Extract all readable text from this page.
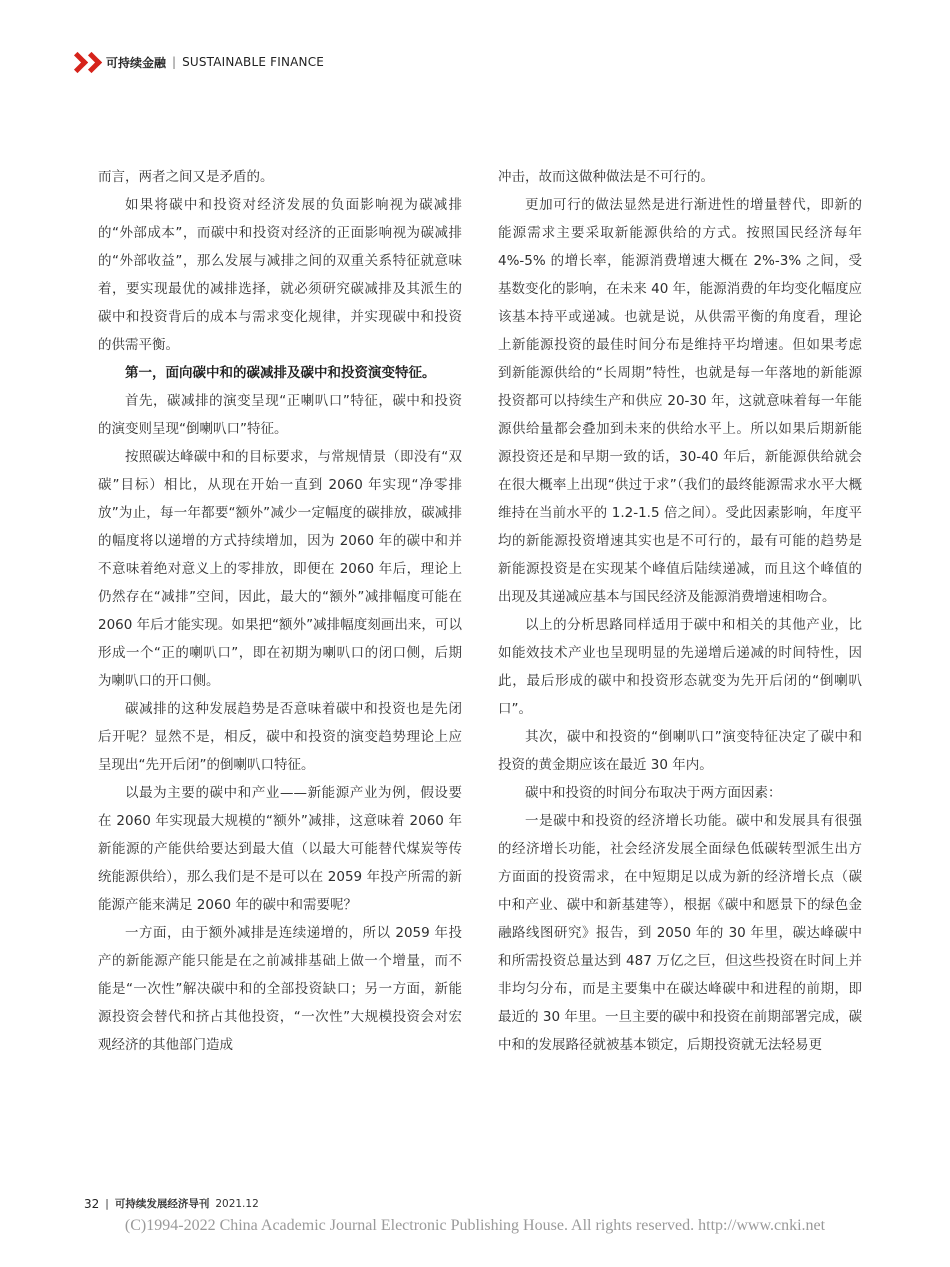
可持续金融 | SUSTAINABLE FINANCE

而言，两者之间又是矛盾的。

如果将碳中和投资对经济发展的负面影响视为碳减排的“外部成本”，而碳中和投资对经济的正面影响视为碳减排的“外部收益”，那么发展与减排之间的双重关系特征就意味着，要实现最优的减排选择，就必须研究碳减排及其派生的碳中和投资背后的成本与需求变化规律，并实现碳中和投资的供需平衡。

第一，面向碳中和的碳减排及碳中和投资演变特征。

首先，碳减排的演变呈现“正喇叭口”特征，碳中和投资的演变则呈现“倒喇叭口”特征。

按照碳达峰碳中和的目标要求，与常规情景（即没有“双碳”目标）相比，从现在开始一直到 2060 年实现“净零排放”为止，每一年都要“额外”减少一定幅度的碳排放，碳减排的幅度将以递增的方式持续增加，因为 2060 年的碳中和并不意味着绝对意义上的零排放，即便在 2060 年后，理论上仍然存在“减排”空间，因此，最大的“额外”减排幅度可能在 2060 年后才能实现。如果把“额外”减排幅度刻画出来，可以形成一个“正的喇叭口”，即在初期为喇叭口的闭口侧，后期为喇叭口的开口侧。

碳减排的这种发展趋势是否意味着碳中和投资也是先闭后开呢？显然不是，相反，碳中和投资的演变趋势理论上应呈现出“先开后闭”的倒喇叭口特征。

以最为主要的碳中和产业——新能源产业为例，假设要在 2060 年实现最大规模的“额外”减排，这意味着 2060 年新能源的产能供给要达到最大值（以最大可能替代煤炭等传统能源供给），那么我们是不是可以在 2059 年投产所需的新能源产能来满足 2060 年的碳中和需要呢？

一方面，由于额外减排是连续递增的，所以 2059 年投产的新能源产能只能是在之前减排基础上做一个增量，而不能是“一次性”解决碳中和的全部投资缺口；另一方面，新能源投资会替代和挤占其他投资，“一次性”大规模投资会对宏观经济的其他部门造成

冲击，故而这做种做法是不可行的。

更加可行的做法显然是进行渐进性的增量替代，即新的能源需求主要采取新能源供给的方式。按照国民经济每年 4%-5% 的增长率，能源消费增速大概在 2%-3% 之间，受基数变化的影响，在未来 40 年，能源消费的年均变化幅度应该基本持平或递减。也就是说，从供需平衡的角度看，理论上新能源投资的最佳时间分布是维持平均增速。但如果考虑到新能源供给的“长周期”特性，也就是每一年落地的新能源投资都可以持续生产和供应 20-30 年，这就意味着每一年能源供给量都会叠加到未来的供给水平上。所以如果后期新能源投资还是和早期一致的话，30-40 年后，新能源供给就会在很大概率上出现“供过于求”（我们的最终能源需求水平大概维持在当前水平的 1.2-1.5 倍之间）。受此因素影响，年度平均的新能源投资增速其实也是不可行的，最有可能的趋势是新能源投资是在实现某个峰值后陆续递减，而且这个峰值的出现及其递减应基本与国民经济及能源消费增速相吻合。

以上的分析思路同样适用于碳中和相关的其他产业，比如能效技术产业也呈现明显的先递增后递减的时间特性，因此，最后形成的碳中和投资形态就变为先开后闭的“倒喇叭口”。

其次，碳中和投资的“倒喇叭口”演变特征决定了碳中和投资的黄金期应该在最近 30 年内。

碳中和投资的时间分布取决于两方面因素：

一是碳中和投资的经济增长功能。碳中和发展具有很强的经济增长功能，社会经济发展全面绿色低碳转型派生出方方面面的投资需求，在中短期足以成为新的经济增长点（碳中和产业、碳中和新基建等），根据《碳中和愿景下的绿色金融路线图研究》报告，到 2050 年的 30 年里，碳达峰碳中和所需投资总量达到 487 万亿之巨，但这些投资在时间上并非均匀分布，而是主要集中在碳达峰碳中和进程的前期，即最近的 30 年里。一旦主要的碳中和投资在前期部署完成，碳中和的发展路径就被基本锁定，后期投资就无法轻易更

32 | 可持续发展经济导刊 2021.12
(C)1994-2022 China Academic Journal Electronic Publishing House. All rights reserved. http://www.cnki.net
